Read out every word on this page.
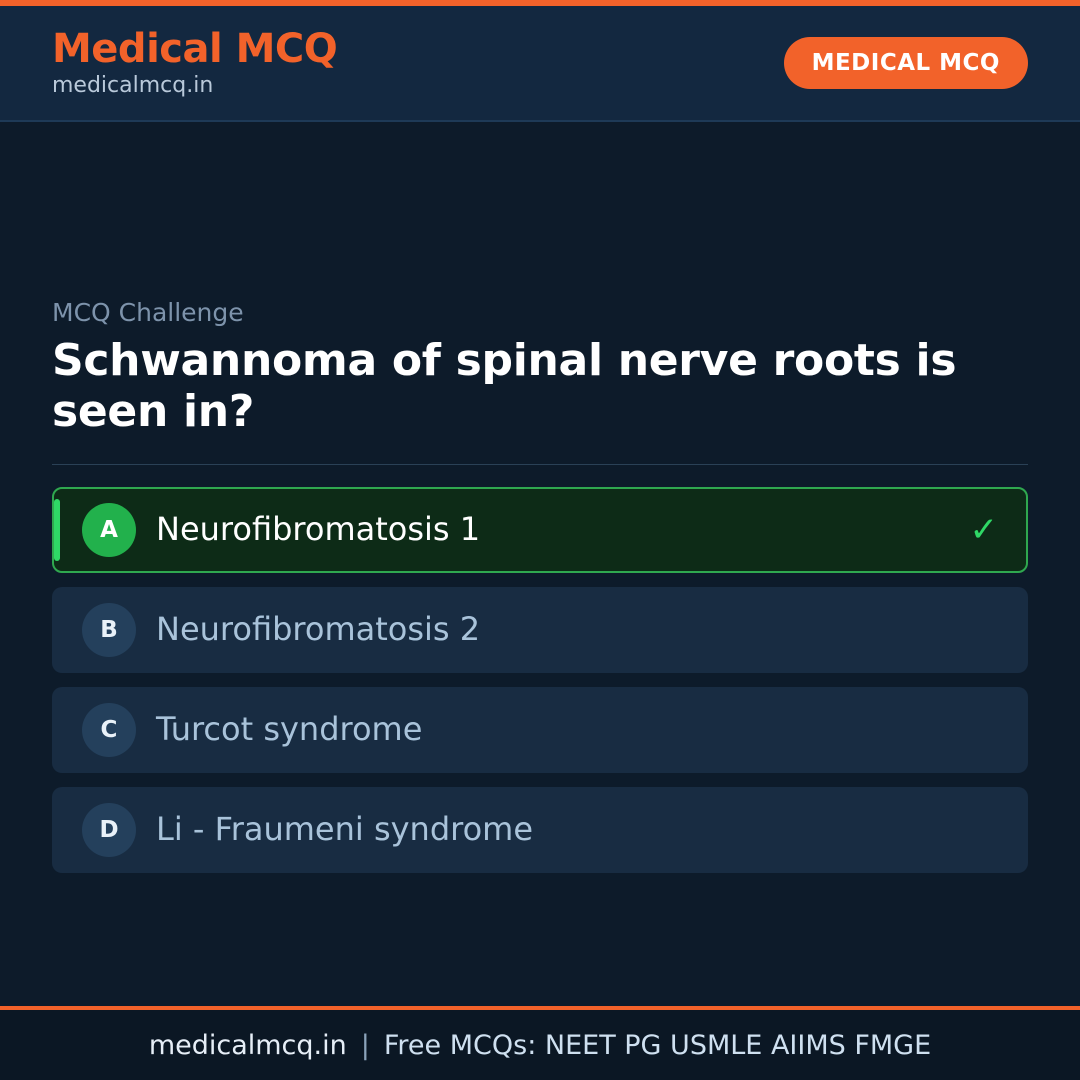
Medical MCQ
medicalmcq.in
MEDICAL MCQ
MCQ Challenge
Schwannoma of spinal nerve roots is seen in?
A	Neurofibromatosis 1	✓
B	Neurofibromatosis 2
C	Turcot syndrome
D	Li - Fraumeni syndrome
medicalmcq.in | Free MCQs: NEET PG USMLE AIIMS FMGE
